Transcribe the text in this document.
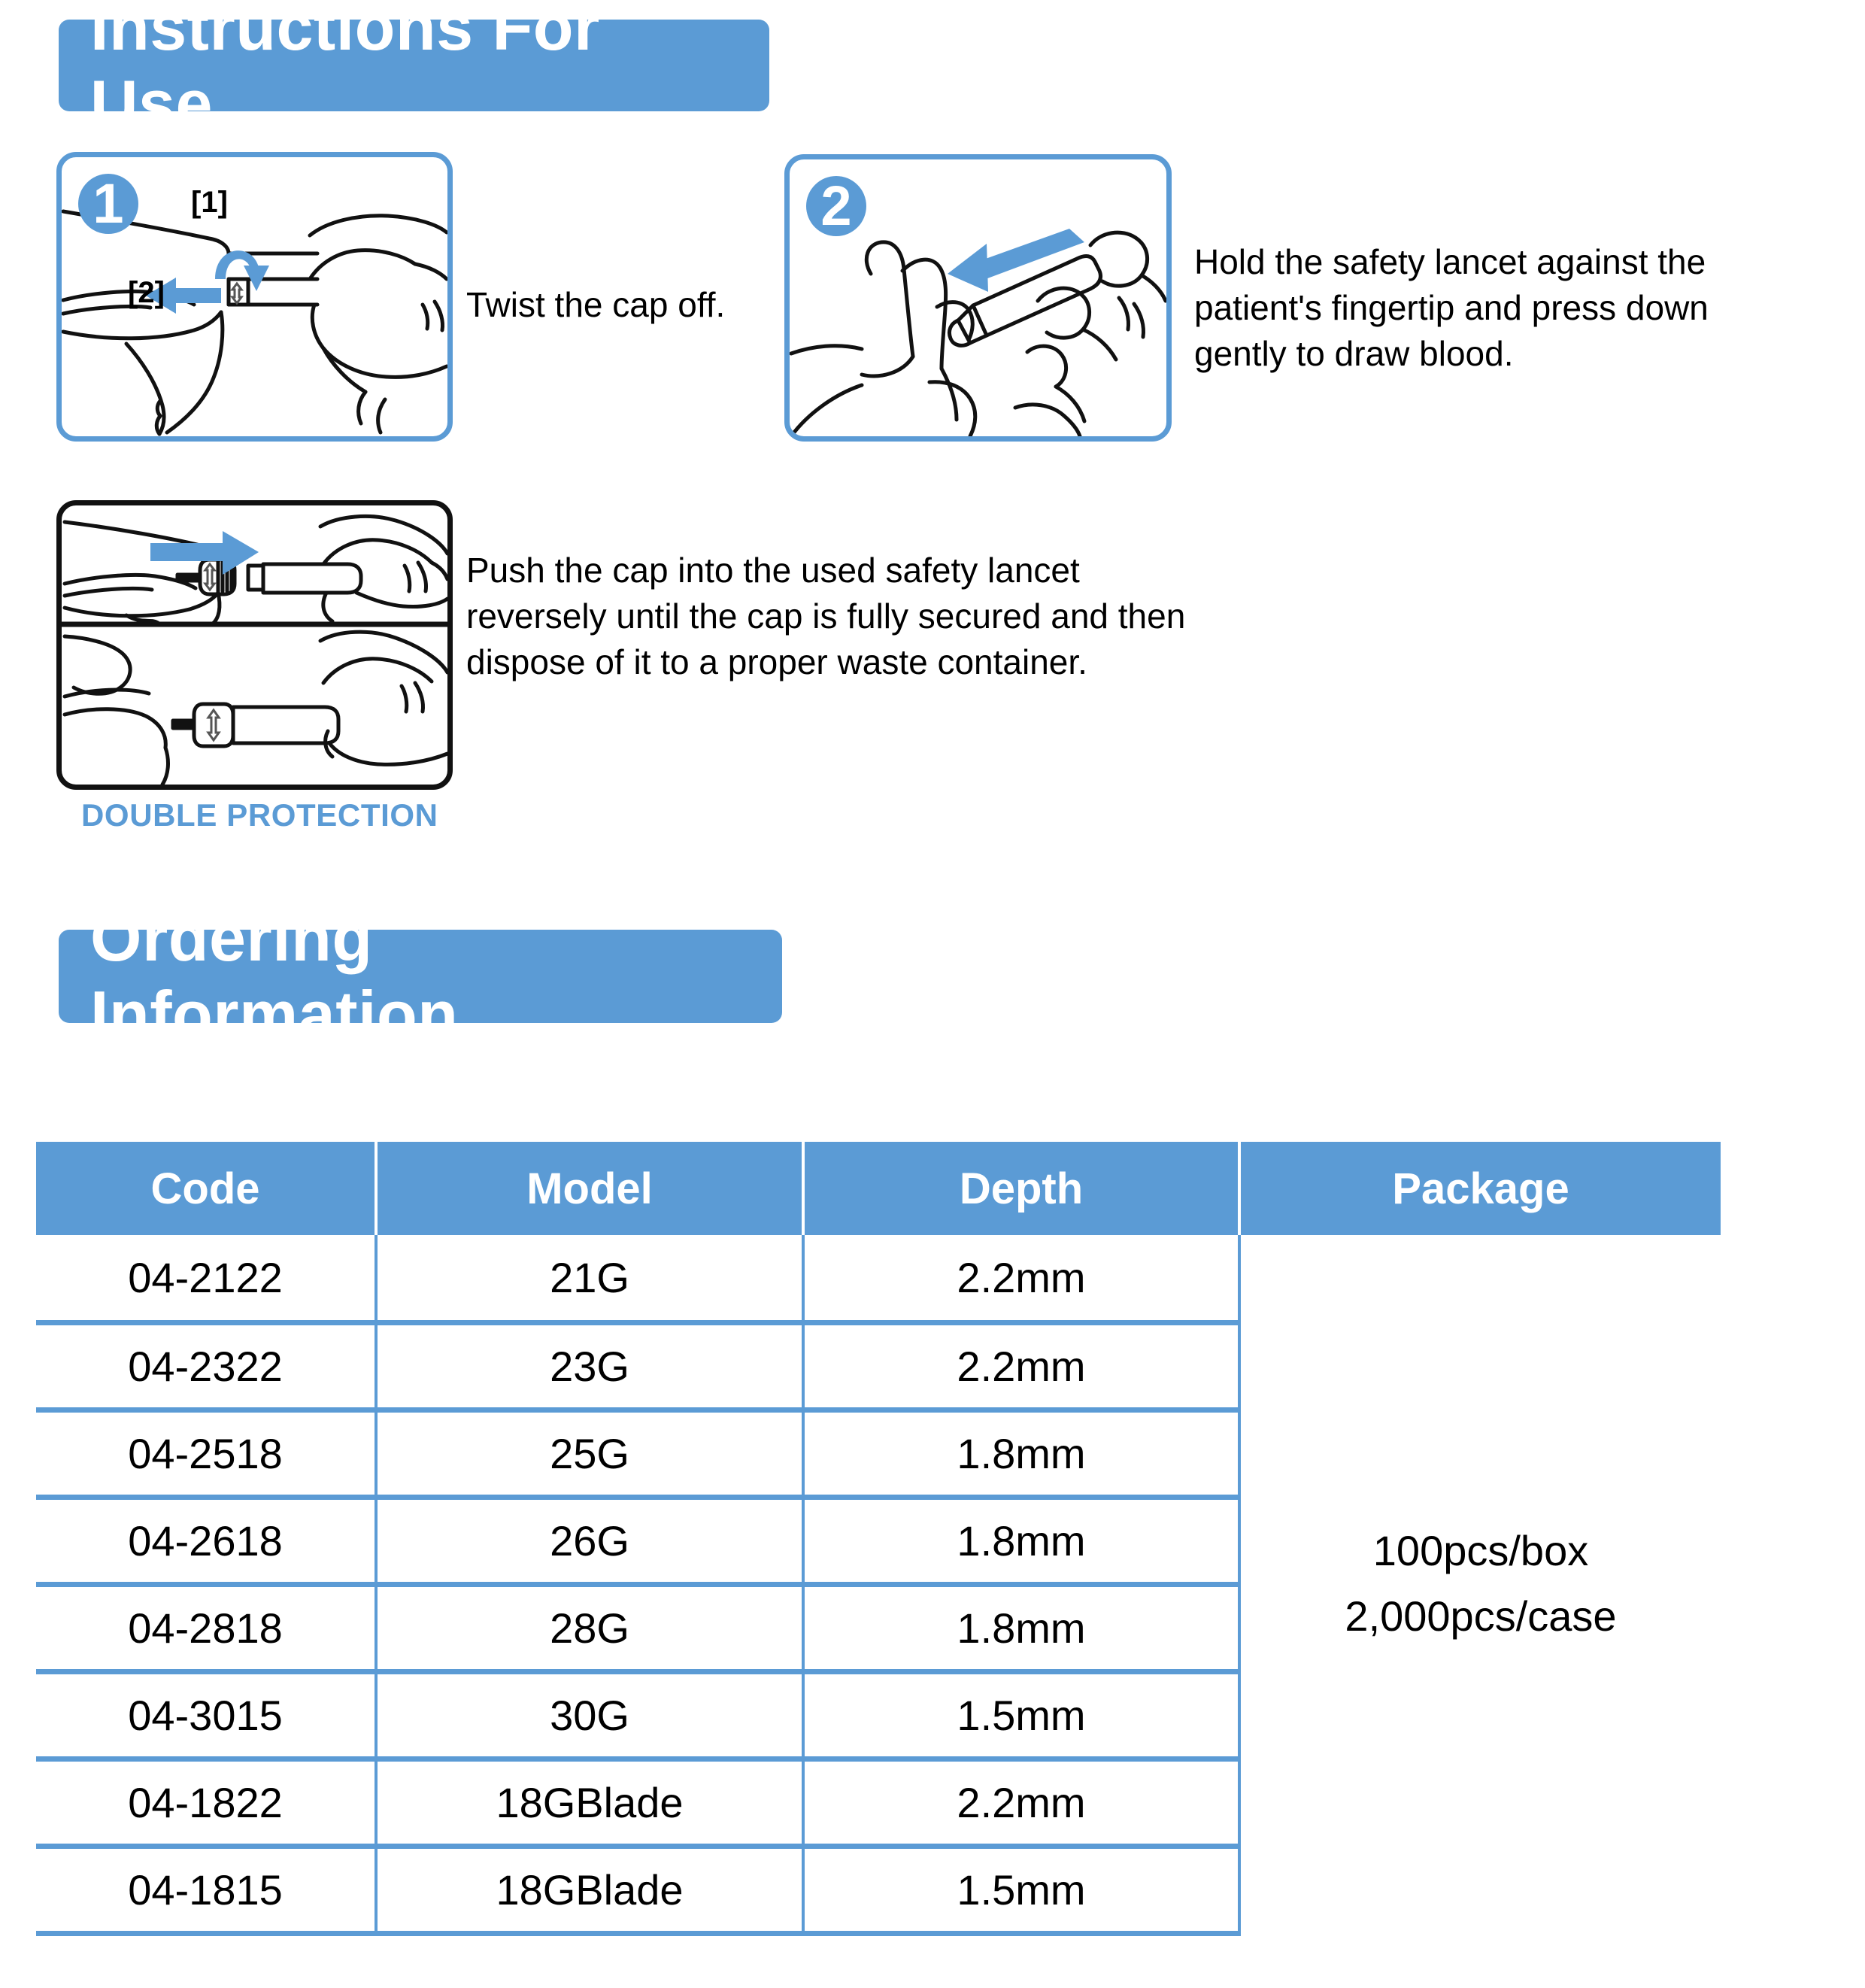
Instructions For Use
1	[1]
[2]	Twist the cap off.
2
Hold the safety lancet against the patient's fingertip and press down gently to draw blood.
Push the cap into the used safety lancet reversely until the cap is fully secured and then dispose of it to a proper waste container.
DOUBLE PROTECTION
Ordering Information
Code	Model	Depth	Package
04-2122	21G	2.2mm	100pcs/box
2,000pcs/case

04-2322	23G	2.2mm	
04-2518	25G	1.8mm	
04-2618	26G	1.8mm	
04-2818	28G	1.8mm	
04-3015	30G	1.5mm	
04-1822	18GBlade	2.2mm	
04-1815	18GBlade	1.5mm	
